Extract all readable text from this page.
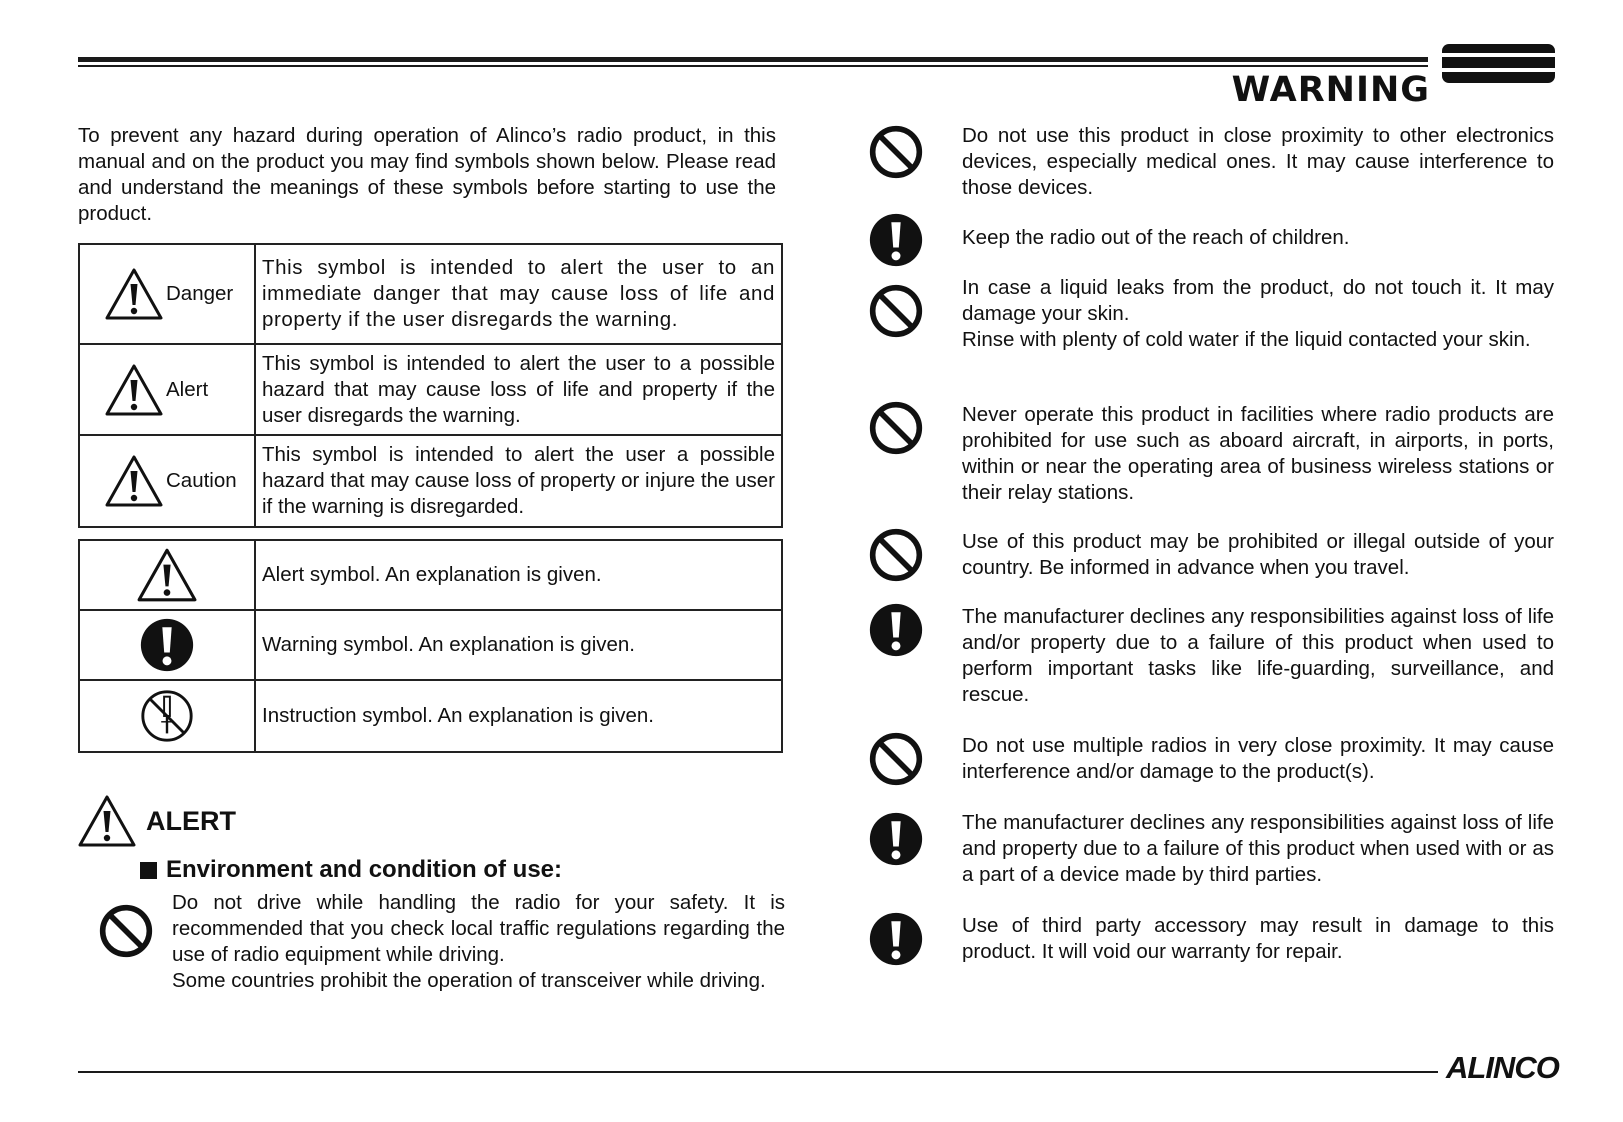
WARNING
To prevent any hazard during operation of Alinco’s radio product, in this manual and on the product you may find symbols shown below. Please read and understand the meanings of these symbols before starting to use the product.
Danger	This symbol is intended to alert the user to an immediate danger that may cause loss of life and property if the user disregards the warning.

Alert	This symbol is intended to alert the user to a possible hazard that may cause loss of life and property if the user disregards the warning.

Caution	This symbol is intended to alert the user a possible hazard that may cause loss of property or injure the user if the warning is disregarded.
	Alert symbol. An explanation is given.

	Warning symbol. An explanation is given.

	Instruction symbol. An explanation is given.
ALERT
Environment and condition of use:
Do not drive while handling the radio for your safety. It is recommended that you check local traffic regulations regarding the use of radio equipment while driving.
Some countries prohibit the operation of transceiver while driving.
Do not use this product in close proximity to other electronics devices, especially medical ones. It may cause interference to those devices.
Keep the radio out of the reach of children.
In case a liquid leaks from the product, do not touch it. It may damage your skin.
Rinse with plenty of cold water if the liquid contacted your skin.
Never operate this product in facilities where radio products are prohibited for use such as aboard aircraft, in airports, in ports, within or near the operating area of business wireless stations or their relay stations.
Use of this product may be prohibited or illegal outside of your country. Be informed in advance when you travel.
The manufacturer declines any responsibilities against loss of life and/or property due to a failure of this product when used to perform important tasks like life-guarding, surveillance, and rescue.
Do not use multiple radios in very close proximity. It may cause interference and/or damage to the product(s).
The manufacturer declines any responsibilities against loss of life and property due to a failure of this product when used with or as a part of a device made by third parties.
Use of third party accessory may result in damage to this product. It will void our warranty for repair.
ALINCO
